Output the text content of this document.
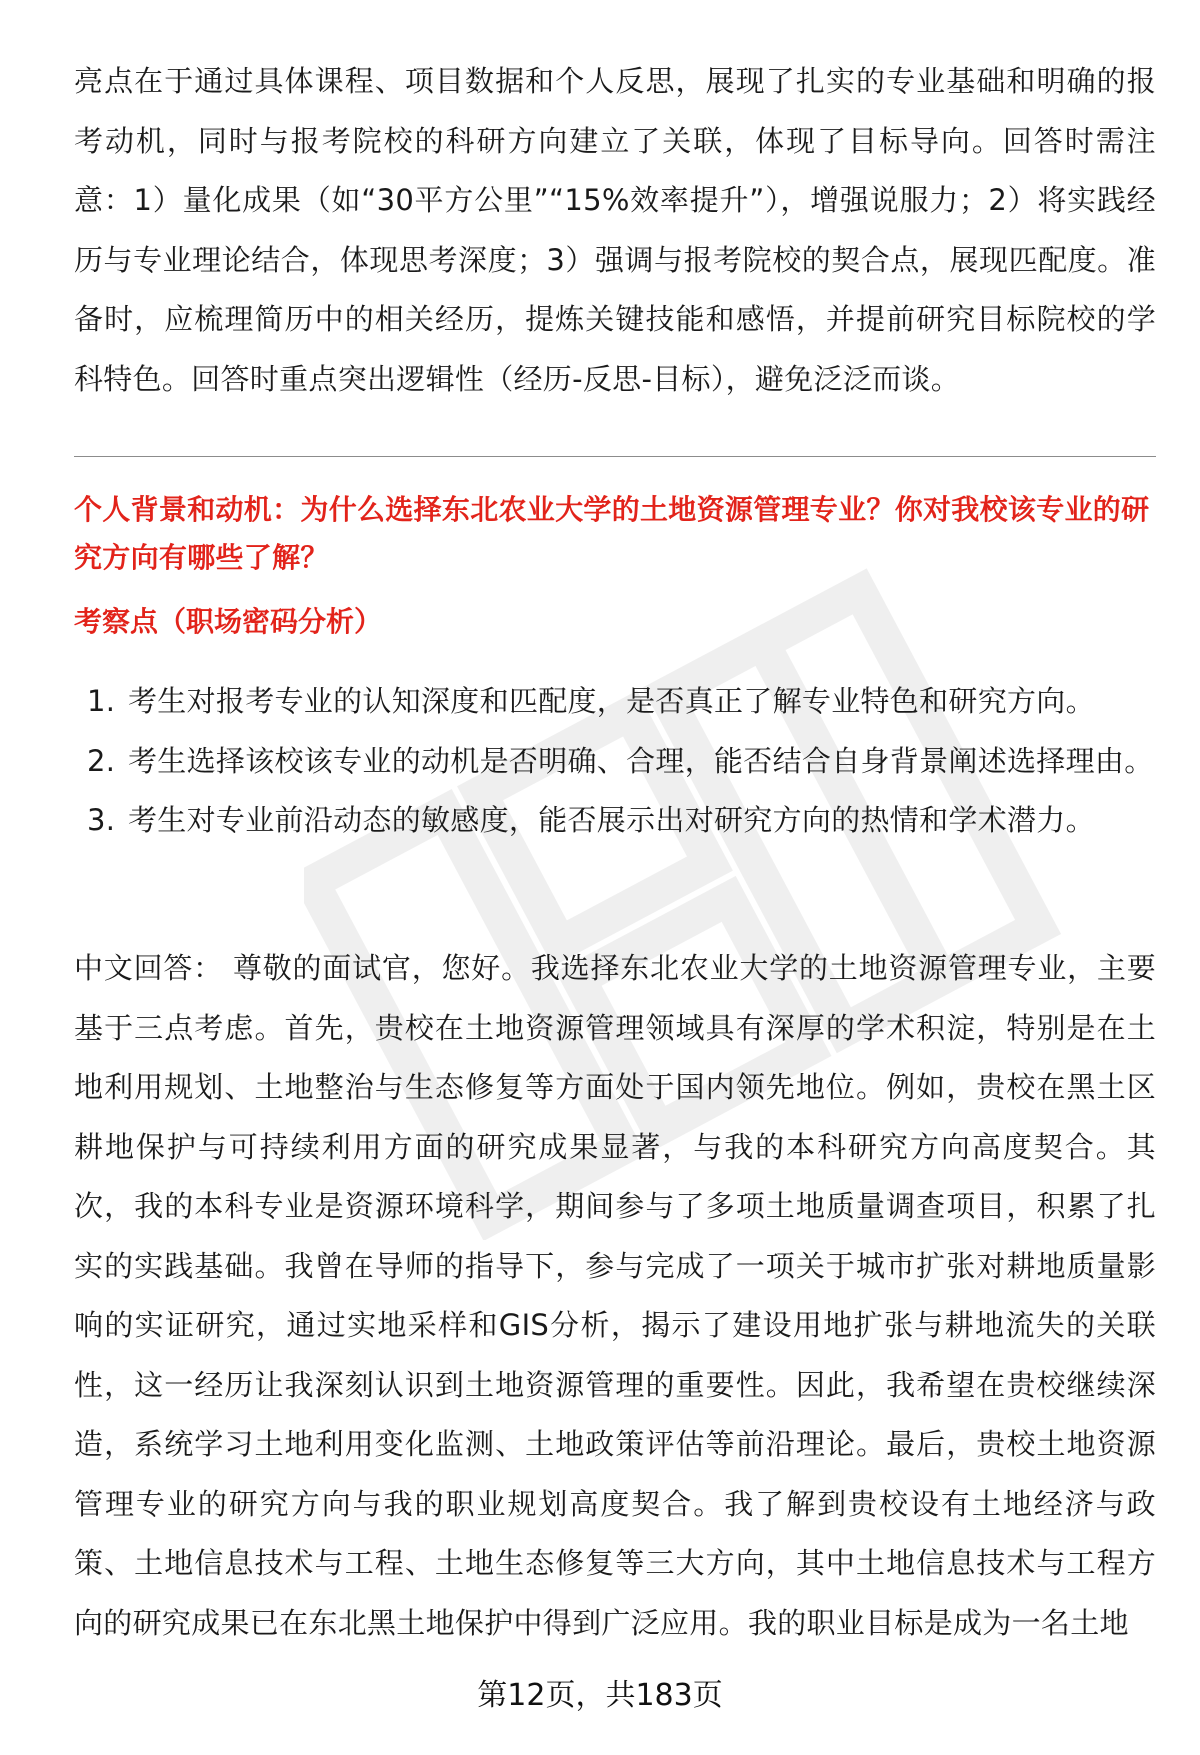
亮点在于通过具体课程、项目数据和个人反思，展现了扎实的专业基础和明确的报考动机，同时与报考院校的科研方向建立了关联，体现了目标导向。回答时需注意：1）量化成果（如“30平方公里”“15%效率提升”），增强说服力；2）将实践经历与专业理论结合，体现思考深度；3）强调与报考院校的契合点，展现匹配度。准备时，应梳理简历中的相关经历，提炼关键技能和感悟，并提前研究目标院校的学科特色。回答时重点突出逻辑性（经历-反思-目标），避免泛泛而谈。

个人背景和动机：为什么选择东北农业大学的土地资源管理专业？你对我校该专业的研究方向有哪些了解？
考察点（职场密码分析）
1. 考生对报考专业的认知深度和匹配度，是否真正了解专业特色和研究方向。
2. 考生选择该校该专业的动机是否明确、合理，能否结合自身背景阐述选择理由。
3. 考生对专业前沿动态的敏感度，能否展示出对研究方向的热情和学术潜力。

中文回答： 尊敬的面试官，您好。我选择东北农业大学的土地资源管理专业，主要基于三点考虑。首先，贵校在土地资源管理领域具有深厚的学术积淀，特别是在土地利用规划、土地整治与生态修复等方面处于国内领先地位。例如，贵校在黑土区耕地保护与可持续利用方面的研究成果显著，与我的本科研究方向高度契合。其次，我的本科专业是资源环境科学，期间参与了多项土地质量调查项目，积累了扎实的实践基础。我曾在导师的指导下，参与完成了一项关于城市扩张对耕地质量影响的实证研究，通过实地采样和GIS分析，揭示了建设用地扩张与耕地流失的关联性，这一经历让我深刻认识到土地资源管理的重要性。因此，我希望在贵校继续深造，系统学习土地利用变化监测、土地政策评估等前沿理论。最后，贵校土地资源管理专业的研究方向与我的职业规划高度契合。我了解到贵校设有土地经济与政策、土地信息技术与工程、土地生态修复等三大方向，其中土地信息技术与工程方向的研究成果已在东北黑土地保护中得到广泛应用。我的职业目标是成为一名土地

第12页，共183页
